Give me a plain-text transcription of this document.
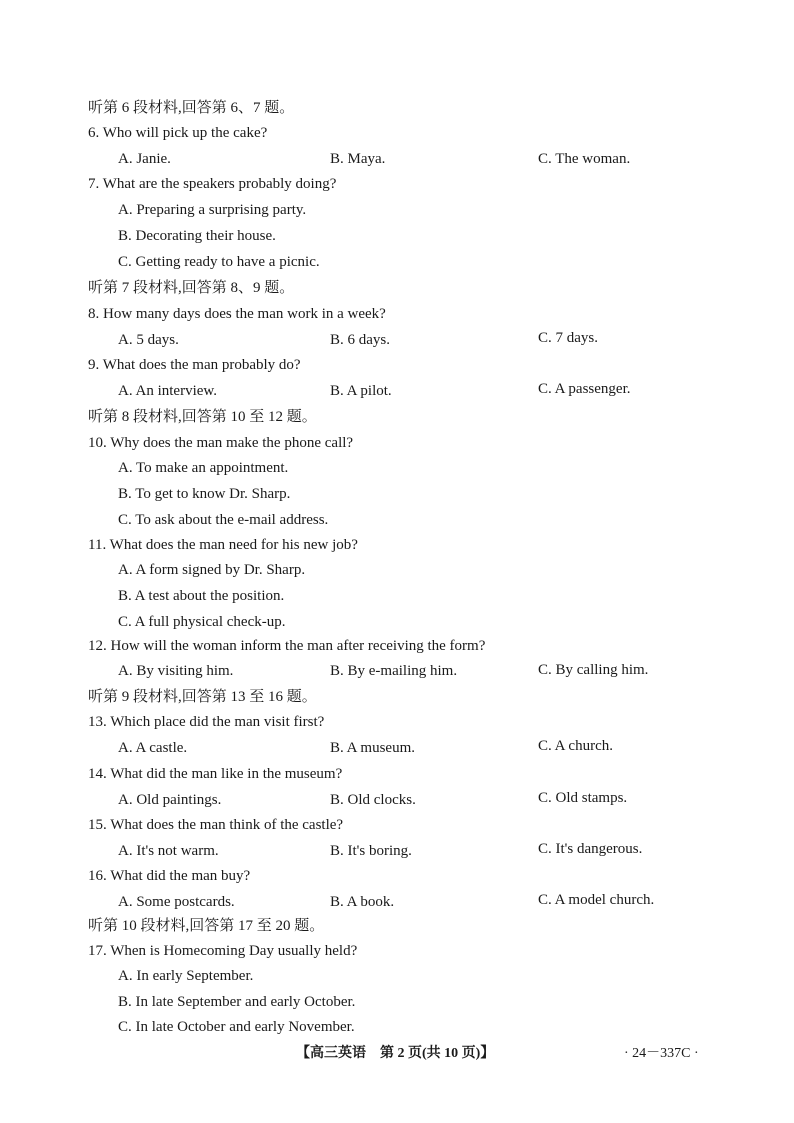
听第 6 段材料,回答第 6、7 题。
6. Who will pick up the cake?
A. Janie.	B. Maya.	C. The woman.
7. What are the speakers probably doing?
A. Preparing a surprising party.
B. Decorating their house.
C. Getting ready to have a picnic.
听第 7 段材料,回答第 8、9 题。
8. How many days does the man work in a week?
A. 5 days.	B. 6 days.	C. 7 days.
9. What does the man probably do?
A. An interview.	B. A pilot.	C. A passenger.
听第 8 段材料,回答第 10 至 12 题。
10. Why does the man make the phone call?
A. To make an appointment.
B. To get to know Dr. Sharp.
C. To ask about the e-mail address.
11. What does the man need for his new job?
A. A form signed by Dr. Sharp.
B. A test about the position.
C. A full physical check-up.
12. How will the woman inform the man after receiving the form?
A. By visiting him.	B. By e-mailing him.	C. By calling him.
听第 9 段材料,回答第 13 至 16 题。
13. Which place did the man visit first?
A. A castle.	B. A museum.	C. A church.
14. What did the man like in the museum?
A. Old paintings.	B. Old clocks.	C. Old stamps.
15. What does the man think of the castle?
A. It's not warm.	B. It's boring.	C. It's dangerous.
16. What did the man buy?
A. Some postcards.	B. A book.	C. A model church.
听第 10 段材料,回答第 17 至 20 题。
17. When is Homecoming Day usually held?
A. In early September.
B. In late September and early October.
C. In late October and early November.
【高三英语　第 2 页(共 10 页)】	· 24－337C ·
